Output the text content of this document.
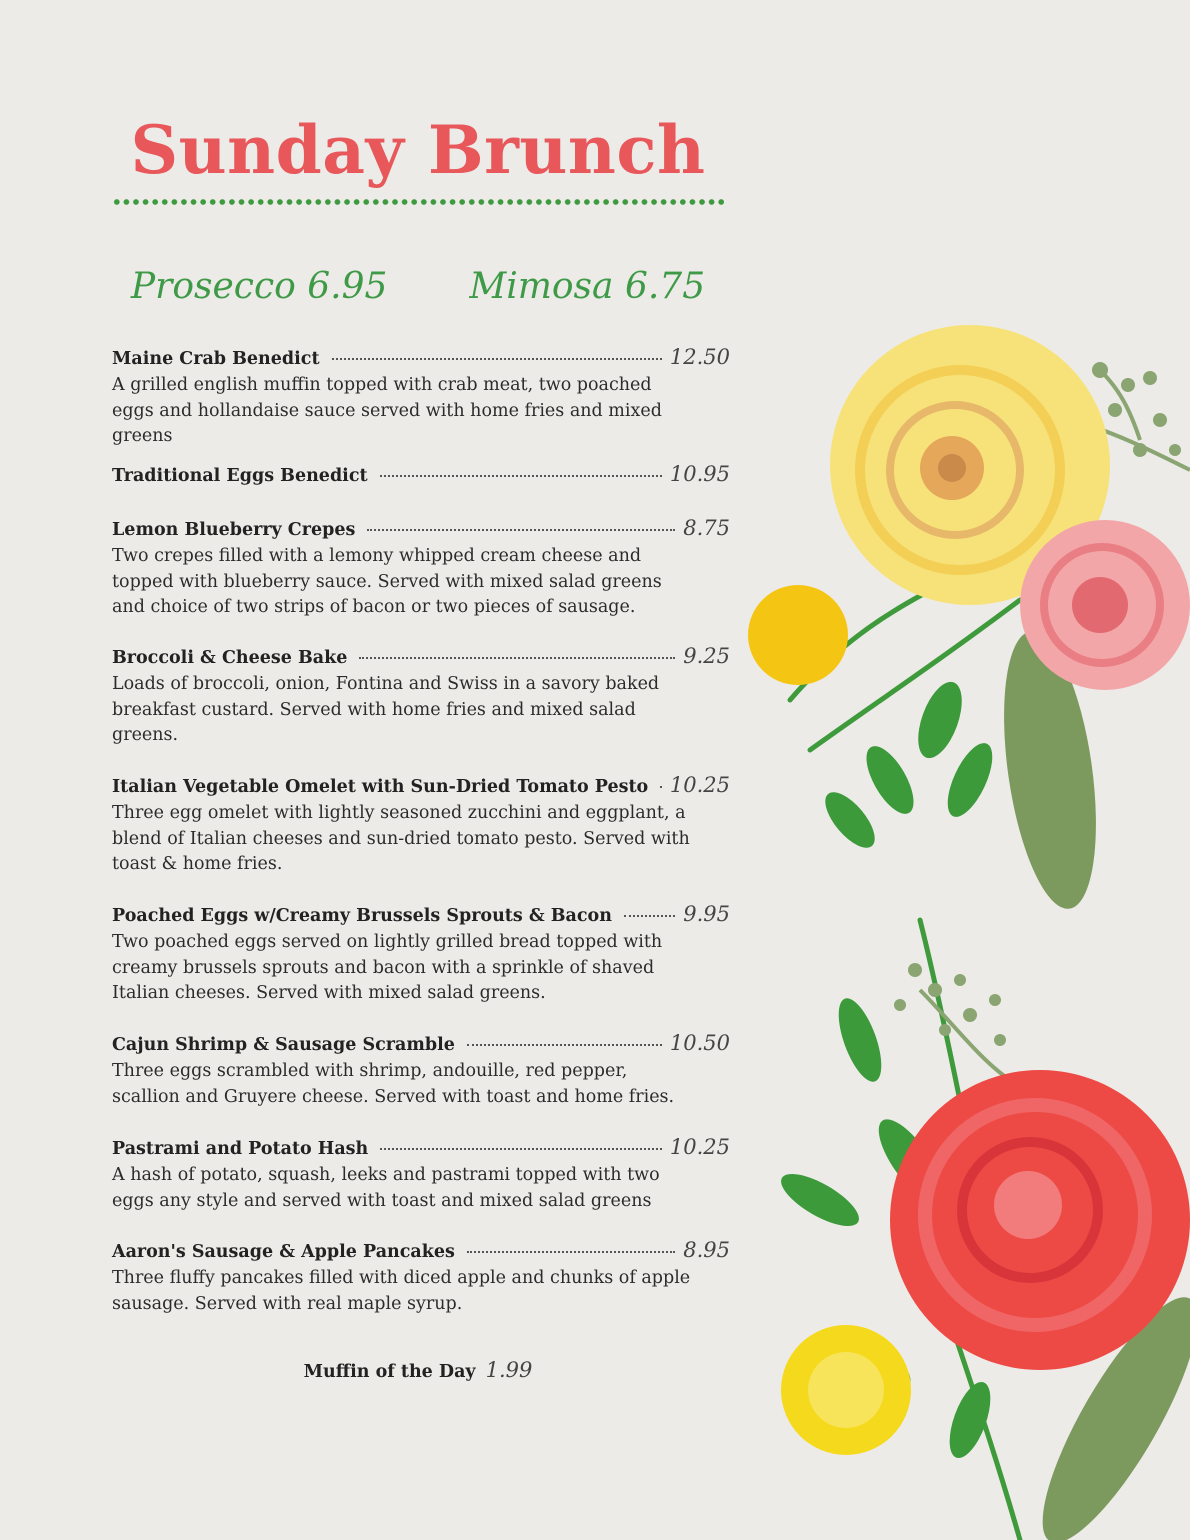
Sunday Brunch
Prosecco 6.95 Mimosa 6.75
Maine Crab Benedict	12.50
A grilled english muffin topped with crab meat, two poached eggs and hollandaise sauce served with home fries and mixed greens
Traditional Eggs Benedict	10.95
Lemon Blueberry Crepes	8.75
Two crepes filled with a lemony whipped cream cheese and topped with blueberry sauce. Served with mixed salad greens and choice of two strips of bacon or two pieces of sausage.
Broccoli & Cheese Bake	9.25
Loads of broccoli, onion, Fontina and Swiss in a savory baked breakfast custard. Served with home fries and mixed salad greens.
Italian Vegetable Omelet with Sun-Dried Tomato Pesto 10.25
Three egg omelet with lightly seasoned zucchini and eggplant, a blend of Italian cheeses and sun-dried tomato pesto. Served with toast & home fries.
Poached Eggs w/Creamy Brussels Sprouts & Bacon	9.95
Two poached eggs served on lightly grilled bread topped with creamy brussels sprouts and bacon with a sprinkle of shaved Italian cheeses. Served with mixed salad greens.
Cajun Shrimp & Sausage Scramble	10.50
Three eggs scrambled with shrimp, andouille, red pepper, scallion and Gruyere cheese. Served with toast and home fries.
Pastrami and Potato Hash	10.25
A hash of potato, squash, leeks and pastrami topped with two eggs any style and served with toast and mixed salad greens
Aaron's Sausage & Apple Pancakes	8.95
Three fluffy pancakes filled with diced apple and chunks of apple sausage. Served with real maple syrup.
Muffin of the Day 1.99
